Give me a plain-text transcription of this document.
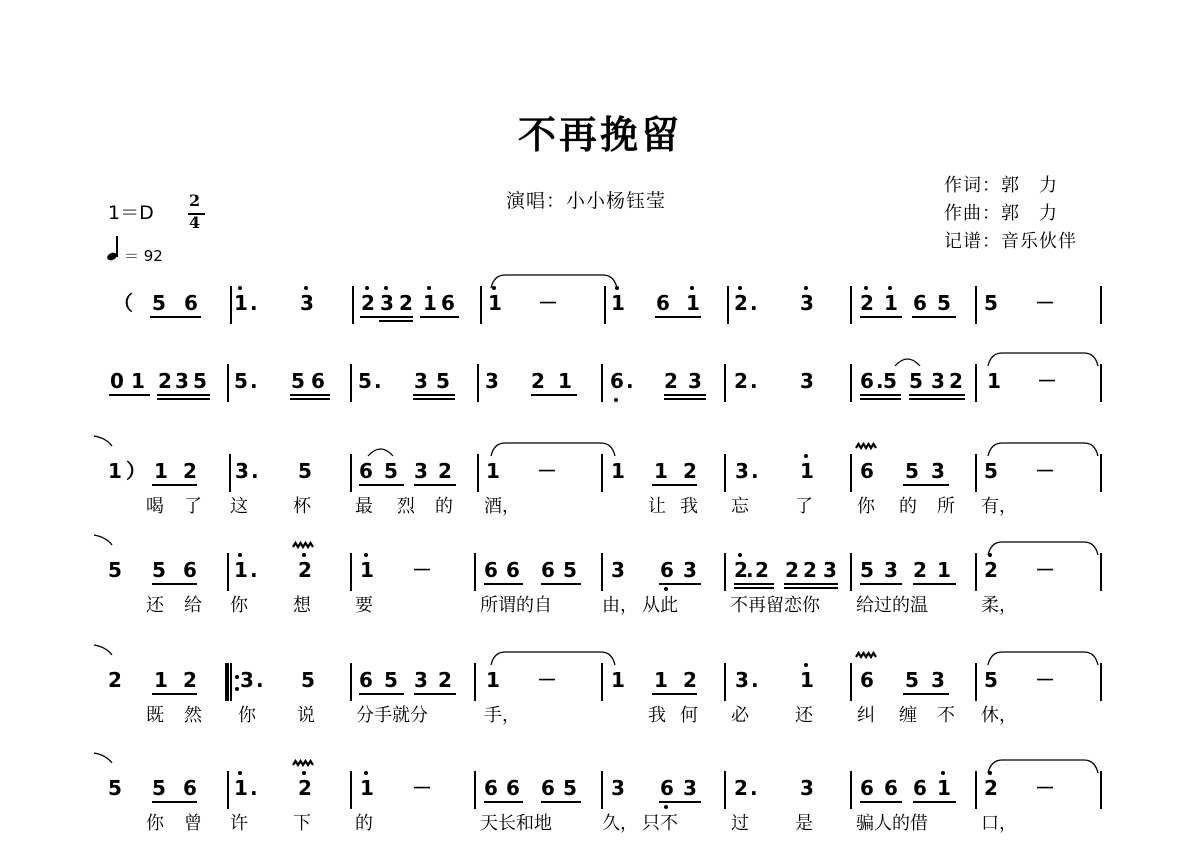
不再挽留
演唱：小小杨钰莹
作词：郭　力
作曲：郭　力
记谱：音乐伙伴
1＝D
2
4
＝ 92
（ 5 6 1 . 3 2 3 2 1 6 1 －	1 6 1 2 . 3 2 1 6 5 5 －
0 1 2 3 5 5 . 5 6 5 . 3 5 3 2 1 6 . 2 3 2 . 3 6 . 5 5 3 2 1 －
1 ） 1 2 3 . 5 6 5 3 2 1 －	1 1 2 3 . 1 6 5 3 5 －
喝 了 这	杯 最 烈 的 酒，	让 我 忘	了 你 的 所 有，
5 5 6 1 . 2 1 －	6 6 6 5 3 6 3 2
. 2 2 2 3 5 3 2 1 2 －
还 给 你	想 要	所谓的自	由， 从此	不再留恋你 给过的温	柔，
2 1 2 3 . 5 6 5 3 2 1 －	1 1 2 3 . 1 6 5 3 5 －
既 然 你 说 分手就分	手，	我 何 必	还 纠 缠 不 休，
5 5 6 1 . 2 1 －	6 6 6 5 3 6 3 2 . 3 6 6 6 1 2 －
你 曾 许	下 的	天长和地	久， 只不	过	是 骗人的借	口，
